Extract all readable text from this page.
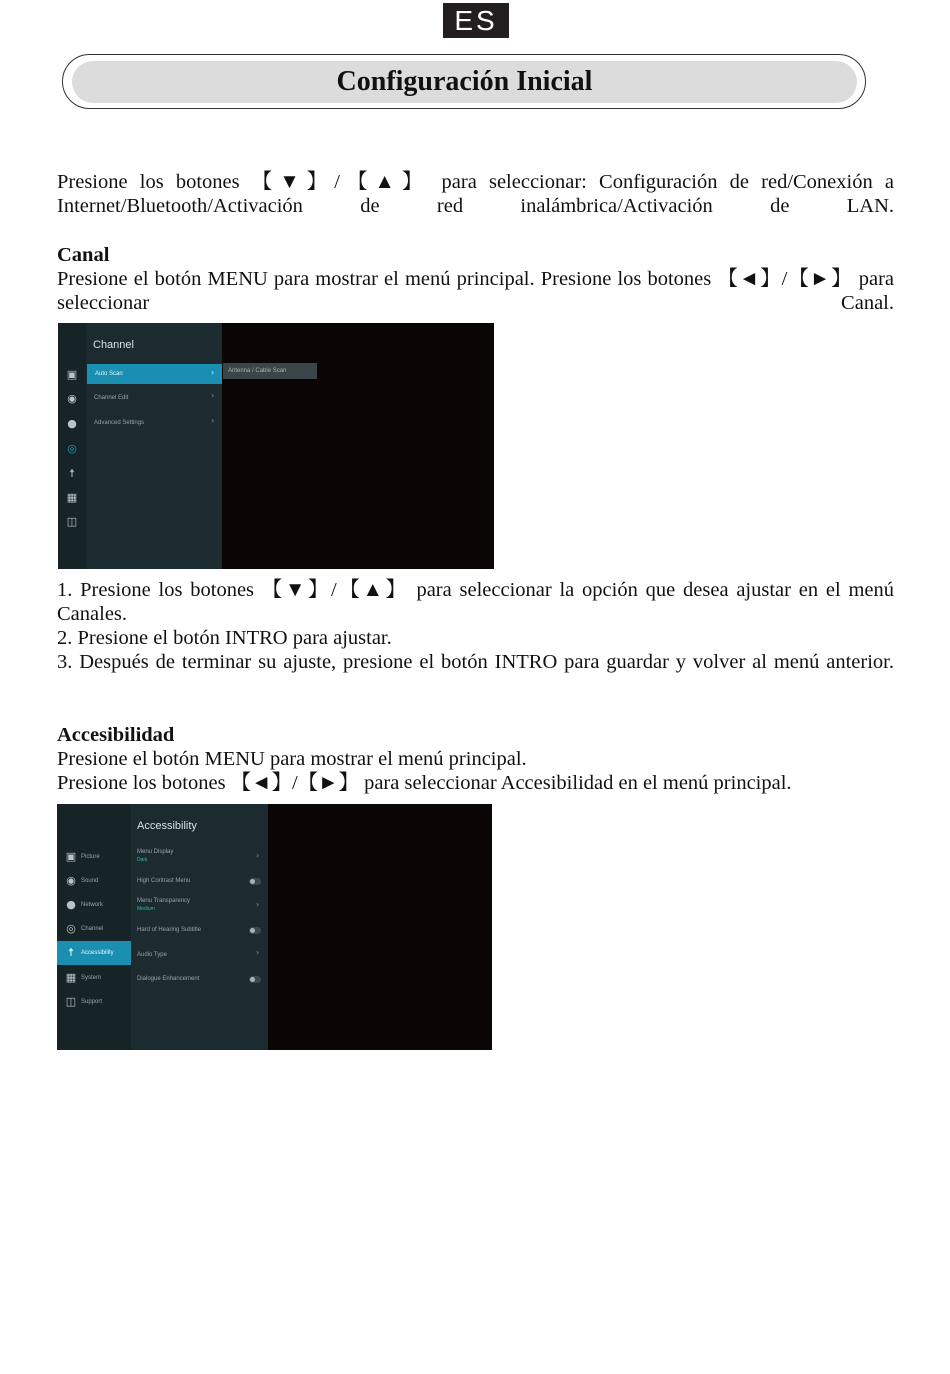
ES
Configuración Inicial

Presione los botones 【▼】/【▲】 para seleccionar: Configuración de red/Conexión a Internet/Bluetooth/Activación de red inalámbrica/Activación de LAN.

Canal

Presione el botón MENU para mostrar el menú principal. Presione los botones 【◄】/【►】 para seleccionar Canal.

Channel
▣
◉
●
◎
☨
▦
◫
Auto Scan	›
Channel Edit	›
Advanced Settings	›
Antenna / Cable Scan

1. Presione los botones 【▼】/【▲】 para seleccionar la opción que desea ajustar en el menú Canales.

2. Presione el botón INTRO para ajustar.

3. Después de terminar su ajuste, presione el botón INTRO para guardar y volver al menú anterior.

Accesibilidad

Presione el botón MENU para mostrar el menú principal.

Presione los botones 【◄】/【►】 para seleccionar Accesibilidad en el menú principal.

Accessibility
▣ Picture
◉ Sound
● Network
◎ Channel
☨	Accessibility
▦ System
◫ Support
Menu Display
Dark	›
High Contrast Menu
Menu Transparency
Medium	›
Hard of Hearing Subtitle
Audio Type	›
Dialogue Enhancement
